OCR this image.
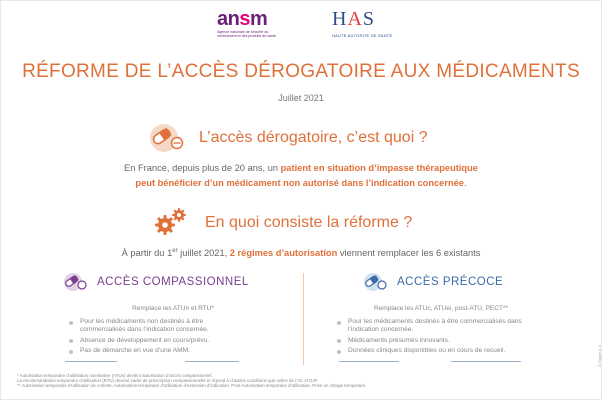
ansm
Agence nationale de sécurité du médicament et des produits de santé
HAS
HAUTE AUTORITÉ DE SANTÉ
RÉFORME DE L’ACCÈS DÉROGATOIRE AUX MÉDICAMENTS
Juillet 2021
L’accès dérogatoire, c’est quoi ?
En France, depuis plus de 20 ans, un patient en situation d’impasse thérapeutique
peut bénéficier d’un médicament non autorisé dans l’indication concernée.
En quoi consiste la réforme ?
À partir du 1er juillet 2021, 2 régimes d’autorisation viennent remplacer les 6 existants
ACCÈS COMPASSIONNEL
Remplace les ATUn et RTU*
Pour les médicaments non destinés à être commercialisés dans l’indication concernée.
Absence de développement en cours/prévu.
Pas de démarche en vue d’une AMM.
ACCÈS PRÉCOCE
Remplace les ATUc, ATUei, post-ATU, PECT**
Pour les médicaments destinés à être commercialisés dans l’indication concernée.
Médicaments présumés innovants.
Données cliniques disponibles ou en cours de recueil.
* Autorisation temporaire d’utilisation nominative (ATUn) devient autorisation d’accès compassionnel.
La recommandation temporaire d’utilisation (RTU) devient cadre de prescription compassionnelle et répond à d’autres conditions que celles de l’AC et DJF.
** Autorisation temporaire d’utilisation de cohorte, Autorisation temporaire d’utilisation d’extension d’indication, Post-Autorisation temporaire d’utilisation, Prise en charge temporaire.
© Haute A.S
